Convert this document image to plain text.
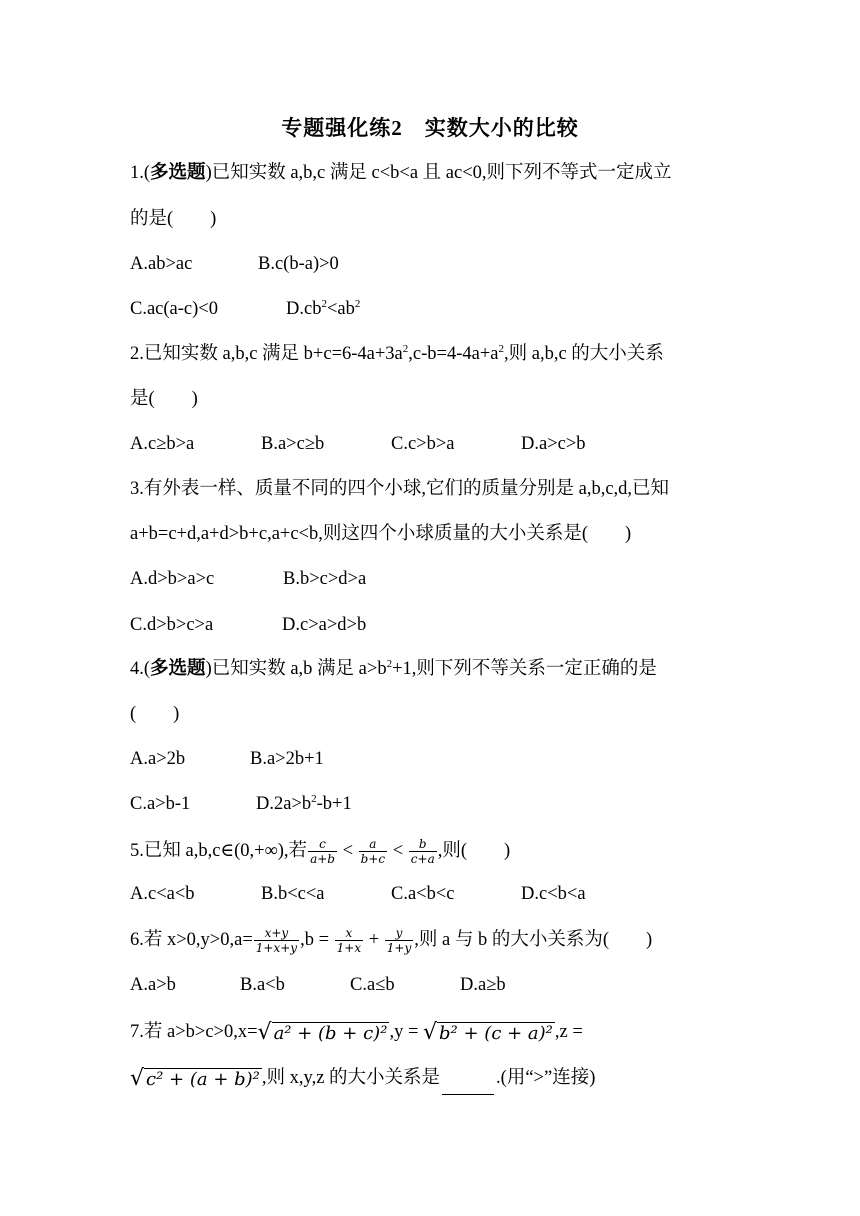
专题强化练2　实数大小的比较
1.(多选题)已知实数 a,b,c 满足 c<b<a 且 ac<0,则下列不等式一定成立
的是(　　)
A.ab>ac	B.c(b-a)>0
C.ac(a-c)<0	$D.cb^2<ab^2$
2.已知实数 a,b,c 满足 $b+c=6-4a+3a^2,c-b=4-4a+a^2$,则 a,b,c 的大小关系
是(　　)
A.c≥b>a	B.a>c≥b	C.c>b>a	D.a>c>b
3.有外表一样、质量不同的四个小球,它们的质量分别是 a,b,c,d,已知
a+b=c+d,a+d>b+c,a+c<b,则这四个小球质量的大小关系是(　　)
A.d>b>a>c	B.b>c>d>a
C.d>b>c>a	D.c>a>d>b
4.(多选题)已知实数 a,b 满足 $a>b^2+1$,则下列不等关系一定正确的是
(　　)
A.a>2b	B.a>2b+1
C.a>b-1	$D.2a>b^2-b+1$
5.已知 a,b,c∈(0,+∞),若 $\frac{c}{a+b} < \frac{a}{b+c} < \frac{b}{c+a}$ ,则(　　)
A.c<a<b	B.b<c<a	C.a<b<c	D.c<b<a
6.若 $x>0,y>0,a= \frac{x+y}{1+x+y} ,b = \frac{x}{1+x} + \frac{y}{1+y}$ ,则 a 与 b 的大小关系为(　　)
A.a>b	B.a<b	C.a≤b	D.a≥b
7.若 a>b>c>0,x=√ a² + (b + c)² ,y = √ b² + (c + a)² ,z =
√ c² + (a + b)² ,则 x,y,z 的大小关系是	.(用“>”连接)
